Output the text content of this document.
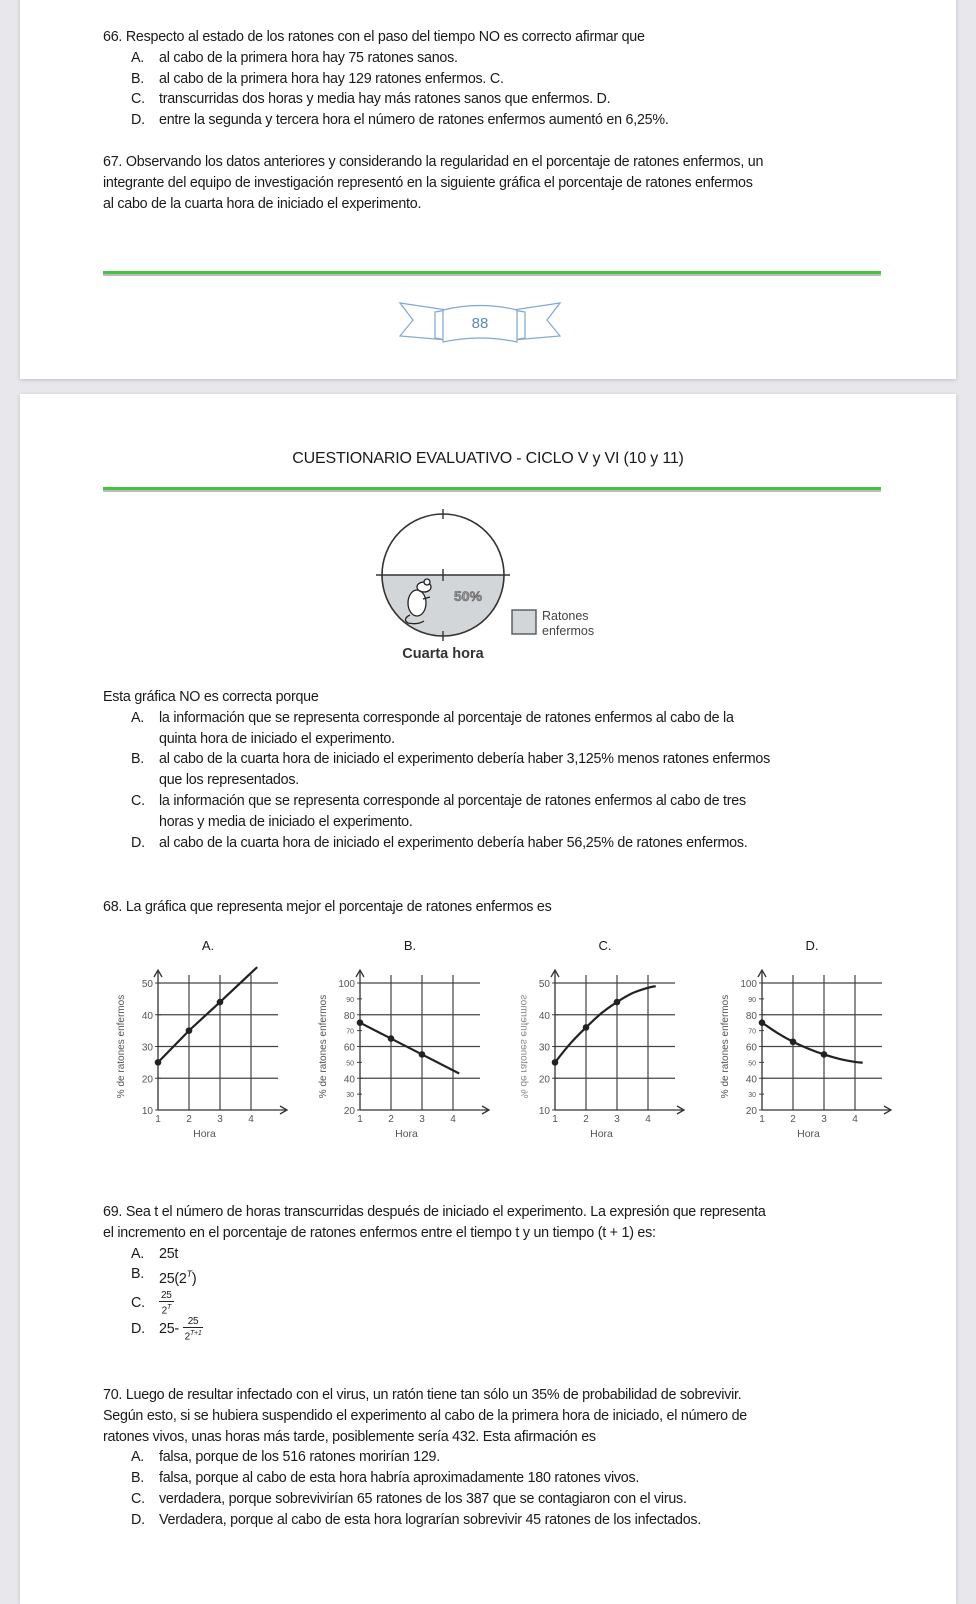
66. Respecto al estado de los ratones con el paso del tiempo NO es correcto afirmar que

A. al cabo de la primera hora hay 75 ratones sanos.
B. al cabo de la primera hora hay 129 ratones enfermos. C.
C. transcurridas dos horas y media hay más ratones sanos que enfermos. D.
D. entre la segunda y tercera hora el número de ratones enfermos aumentó en 6,25%.

67. Observando los datos anteriores y considerando la regularidad en el porcentaje de ratones enfermos, un

integrante del equipo de investigación representó en la siguiente gráfica el porcentaje de ratones enfermos

al cabo de la cuarta hora de iniciado el experimento.

88
CUESTIONARIO EVALUATIVO - CICLO V y VI (10 y 11)
50%
Ratones
enfermos
Cuarta hora

Esta gráfica NO es correcta porque

A. la información que se representa corresponde al porcentaje de ratones enfermos al cabo de la
quinta hora de iniciado el experimento.
B. al cabo de la cuarta hora de iniciado el experimento debería haber 3,125% menos ratones enfermos
que los representados.
C. la información que se representa corresponde al porcentaje de ratones enfermos al cabo de tres
horas y media de iniciado el experimento.
D. al cabo de la cuarta hora de iniciado el experimento debería haber 56,25% de ratones enfermos.

68. La gráfica que representa mejor el porcentaje de ratones enfermos es

A.
10
20
30
40
50
1	2	3	4
Hora
% de ratones enfermos
B.
20
40
60
80
100
30
50
70
90
1	2	3	4
Hora
% de ratones enfermos
C.
10
20
30
40
50
1	2	3	4
Hora
% de ratones enfermos
D.
20
40
60
80
100
30
50
70
90
1	2	3	4
Hora
% de ratones enfermos

69. Sea t el número de horas transcurridas después de iniciado el experimento. La expresión que representa

el incremento en el porcentaje de ratones enfermos entre el tiempo t y un tiempo (t + 1) es:

A. 25t
B. $25(2^T)$
C. $\frac{25}{2^T}$
D. $25- \frac{25}{2^{T+1}}$

70. Luego de resultar infectado con el virus, un ratón tiene tan sólo un 35% de probabilidad de sobrevivir.

Según esto, si se hubiera suspendido el experimento al cabo de la primera hora de iniciado, el número de

ratones vivos, unas horas más tarde, posiblemente sería 432. Esta afirmación es

A. falsa, porque de los 516 ratones morirían 129.
B. falsa, porque al cabo de esta hora habría aproximadamente 180 ratones vivos.
C. verdadera, porque sobrevivirían 65 ratones de los 387 que se contagiaron con el virus.
D. Verdadera, porque al cabo de esta hora lograrían sobrevivir 45 ratones de los infectados.
